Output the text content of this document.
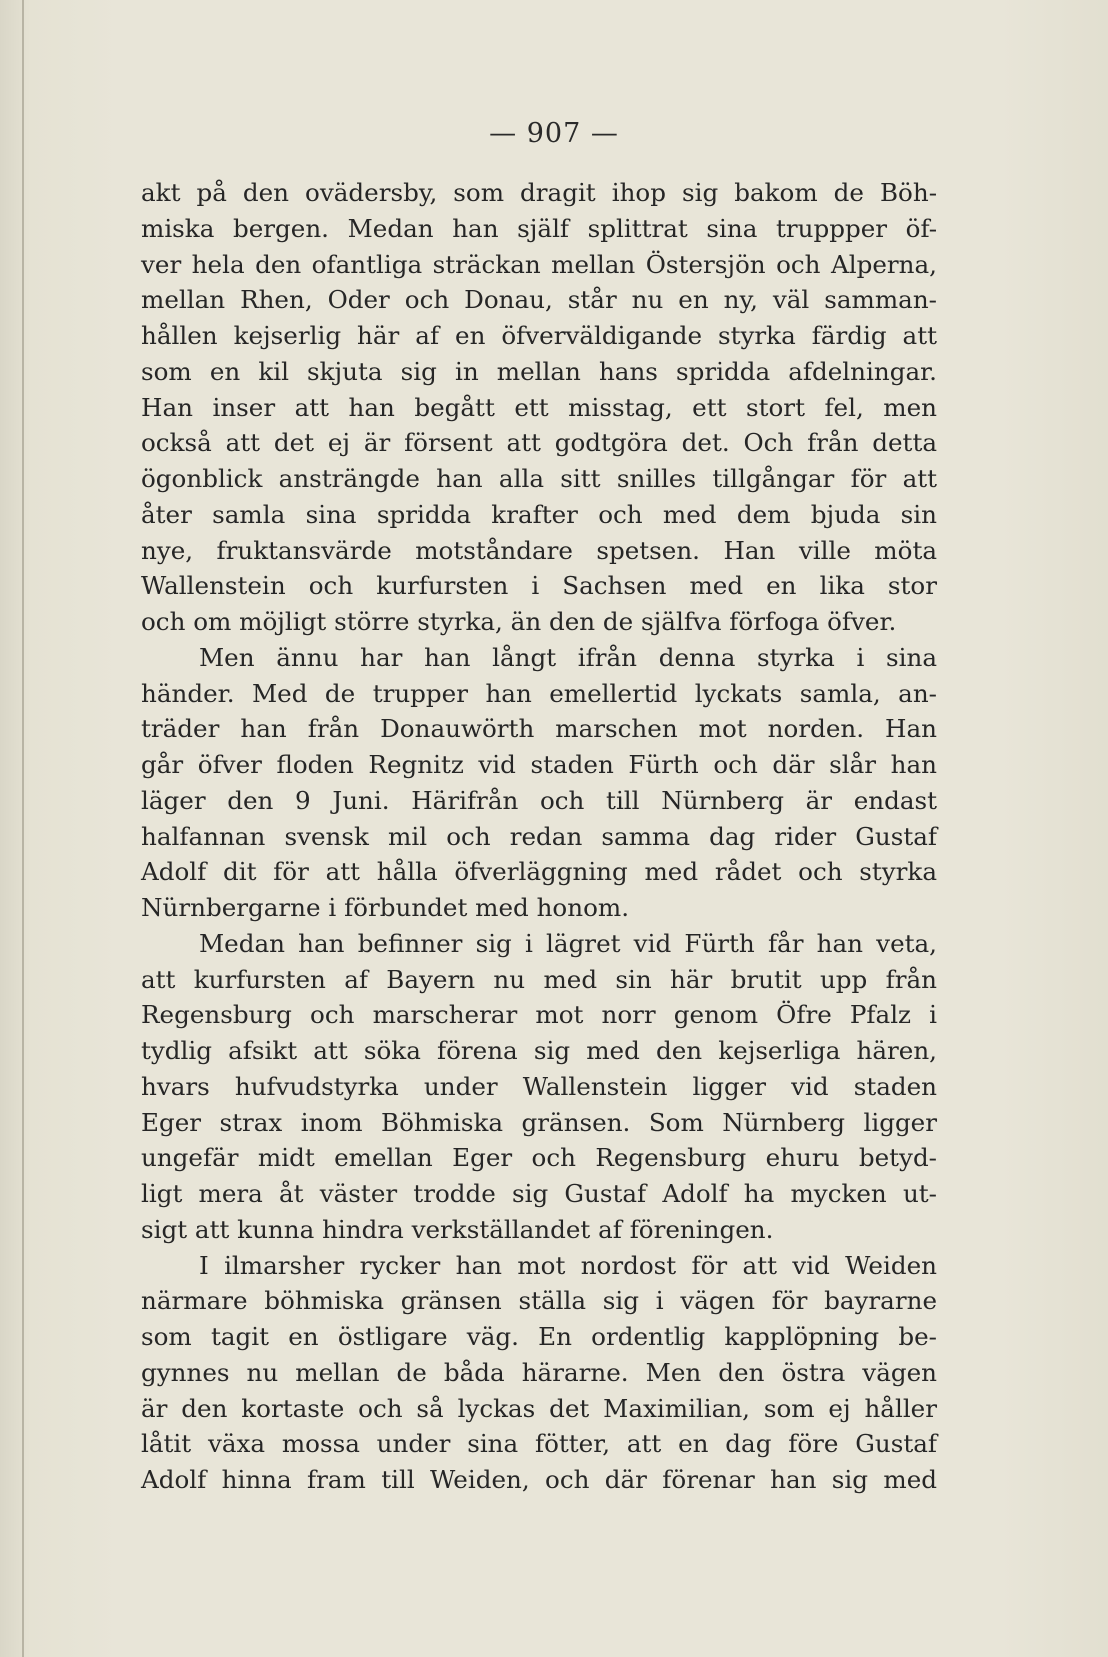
— 907 —
akt på den ovädersby, som dragit ihop sig bakom de Böh-
miska bergen. Medan han själf splittrat sina truppper öf-
ver hela den ofantliga sträckan mellan Östersjön och Alperna,
mellan Rhen, Oder och Donau, står nu en ny, väl samman-
hållen kejserlig här af en öfverväldigande styrka färdig att
som en kil skjuta sig in mellan hans spridda afdelningar.
Han inser att han begått ett misstag, ett stort fel, men
också att det ej är försent att godtgöra det. Och från detta
ögonblick ansträngde han alla sitt snilles tillgångar för att
åter samla sina spridda krafter och med dem bjuda sin
nye, fruktansvärde motståndare spetsen. Han ville möta
Wallenstein och kurfursten i Sachsen med en lika stor
och om möjligt större styrka, än den de själfva förfoga öfver.
Men ännu har han långt ifrån denna styrka i sina
händer. Med de trupper han emellertid lyckats samla, an-
träder han från Donauwörth marschen mot norden. Han
går öfver floden Regnitz vid staden Fürth och där slår han
läger den 9 Juni. Härifrån och till Nürnberg är endast
halfannan svensk mil och redan samma dag rider Gustaf
Adolf dit för att hålla öfverläggning med rådet och styrka
Nürnbergarne i förbundet med honom.
Medan han befinner sig i lägret vid Fürth får han veta,
att kurfursten af Bayern nu med sin här brutit upp från
Regensburg och marscherar mot norr genom Öfre Pfalz i
tydlig afsikt att söka förena sig med den kejserliga hären,
hvars hufvudstyrka under Wallenstein ligger vid staden
Eger strax inom Böhmiska gränsen. Som Nürnberg ligger
ungefär midt emellan Eger och Regensburg ehuru betyd-
ligt mera åt väster trodde sig Gustaf Adolf ha mycken ut-
sigt att kunna hindra verkställandet af föreningen.
I ilmarsher rycker han mot nordost för att vid Weiden
närmare böhmiska gränsen ställa sig i vägen för bayrarne
som tagit en östligare väg. En ordentlig kapplöpning be-
gynnes nu mellan de båda härarne. Men den östra vägen
är den kortaste och så lyckas det Maximilian, som ej håller
låtit växa mossa under sina fötter, att en dag före Gustaf
Adolf hinna fram till Weiden, och där förenar han sig med
